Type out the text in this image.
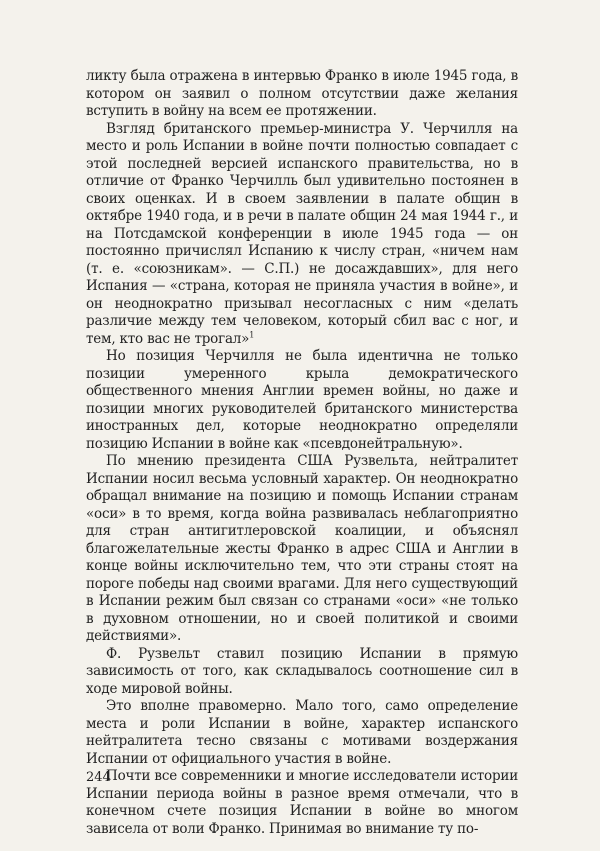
ликту была отражена в интервью Франко в июле 1945 года, в котором он заявил о полном отсутствии даже желания вступить в войну на всем ее протяжении.

Взгляд британского премьер-министра У. Черчилля на место и роль Испании в войне почти полностью совпадает с этой последней версией испанского правительства, но в отличие от Франко Черчилль был удивительно постоянен в своих оценках. И в своем заявлении в палате общин в октябре 1940 года, и в речи в палате общин 24 мая 1944 г., и на Потсдамской конференции в июле 1945 года — он постоянно причислял Испанию к числу стран, «ничем нам (т. е. «союзникам». — С.П.) не досаждавших», для него Испания — «страна, которая не приняла участия в войне», и он неоднократно призывал несогласных с ним «делать различие между тем человеком, который сбил вас с ног, и тем, кто вас не трогал»$^1$

Но позиция Черчилля не была идентична не только позиции умеренного крыла демократического общественного мнения Англии времен войны, но даже и позиции многих руководителей британского министерства иностранных дел, которые неоднократно определяли позицию Испании в войне как «псевдонейтральную».

По мнению президента США Рузвельта, нейтралитет Испании носил весьма условный характер. Он неоднократно обращал внимание на позицию и помощь Испании странам «оси» в то время, когда война развивалась неблагоприятно для стран антигитлеровской коалиции, и объяснял благожелательные жесты Франко в адрес США и Англии в конце войны исключительно тем, что эти страны стоят на пороге победы над своими врагами. Для него существующий в Испании режим был связан со странами «оси» «не только в духовном отношении, но и своей политикой и своими действиями».

Ф. Рузвельт ставил позицию Испании в прямую зависимость от того, как складывалось соотношение сил в ходе мировой войны.

Это вполне правомерно. Мало того, само определение места и роли Испании в войне, характер испанского нейтралитета тесно связаны с мотивами воздержания Испании от официального участия в войне.

Почти все современники и многие исследователи истории Испании периода войны в разное время отмечали, что в конечном счете позиция Испании в войне во многом зависела от воли Франко. Принимая во внимание ту по-

244
